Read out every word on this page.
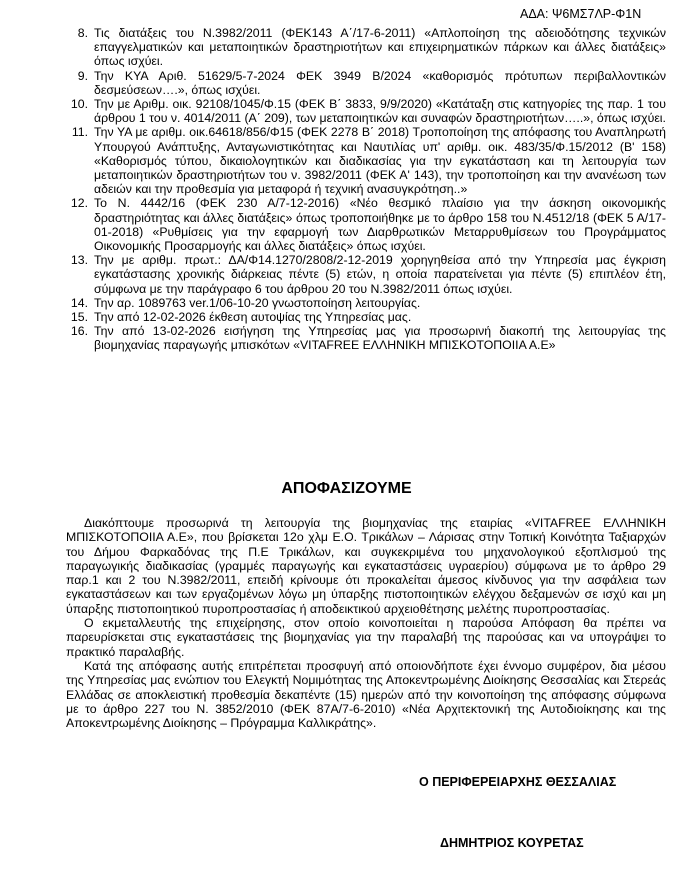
ΑΔΑ: Ψ6ΜΣ7ΛΡ-Φ1Ν
8. Τις διατάξεις του Ν.3982/2011 (ΦΕΚ143 Α΄/17-6-2011) «Απλοποίηση της αδειοδότησης τεχνικών επαγγελματικών και μεταποιητικών δραστηριοτήτων και επιχειρηματικών πάρκων και άλλες διατάξεις» όπως ισχύει.
9. Την ΚΥΑ Αριθ. 51629/5-7-2024 ΦΕΚ 3949 Β/2024 «καθορισμός πρότυπων περιβαλλοντικών δεσμεύσεων….», όπως ισχύει.
10. Την με Αριθμ. οικ. 92108/1045/Φ.15 (ΦΕΚ Β΄ 3833, 9/9/2020) «Κατάταξη στις κατηγορίες της παρ. 1 του άρθρου 1 του ν. 4014/2011 (Α΄ 209), των μεταποιητικών και συναφών δραστηριοτήτων…..», όπως ισχύει.
11. Την ΥΑ με αριθμ. οικ.64618/856/Φ15 (ΦΕΚ 2278 Β΄ 2018) Τροποποίηση της απόφασης του Αναπληρωτή Υπουργού Ανάπτυξης, Ανταγωνιστικότητας και Ναυτιλίας υπ' αριθμ. οικ. 483/35/Φ.15/2012 (Β' 158) «Καθορισμός τύπου, δικαιολογητικών και διαδικασίας για την εγκατάσταση και τη λειτουργία των μεταποιητικών δραστηριοτήτων του ν. 3982/2011 (ΦΕΚ Α' 143), την τροποποίηση και την ανανέωση των αδειών και την προθεσμία για μεταφορά ή τεχνική ανασυγκρότηση..»
12. Το Ν. 4442/16 (ΦΕΚ 230 Α/7-12-2016) «Νέο θεσμικό πλαίσιο για την άσκηση οικονομικής δραστηριότητας και άλλες διατάξεις» όπως τροποποιήθηκε με το άρθρο 158 του Ν.4512/18 (ΦΕΚ 5 Α/17-01-2018) «Ρυθμίσεις για την εφαρμογή των Διαρθρωτικών Μεταρρυθμίσεων του Προγράμματος Οικονομικής Προσαρμογής και άλλες διατάξεις» όπως ισχύει.
13. Την με αριθμ. πρωτ.: ΔΑ/Φ14.1270/2808/2-12-2019 χορηγηθείσα από την Υπηρεσία μας έγκριση εγκατάστασης χρονικής διάρκειας πέντε (5) ετών, η οποία παρατείνεται για πέντε (5) επιπλέον έτη, σύμφωνα με την παράγραφο 6 του άρθρου 20 του Ν.3982/2011 όπως ισχύει.
14. Την αρ. 1089763 ver.1/06-10-20 γνωστοποίηση λειτουργίας.
15. Την από 12-02-2026 έκθεση αυτοψίας της Υπηρεσίας μας.
16. Την από 13-02-2026 εισήγηση της Υπηρεσίας μας για προσωρινή διακοπή της λειτουργίας της βιομηχανίας παραγωγής μπισκότων «VITAFREE ΕΛΛΗΝΙΚΗ ΜΠΙΣΚΟΤΟΠΟΙΙΑ Α.Ε»
ΑΠΟΦΑΣΙΖΟΥΜΕ

Διακόπτουμε προσωρινά τη λειτουργία της βιομηχανίας της εταιρίας «VITAFREE ΕΛΛΗΝΙΚΗ ΜΠΙΣΚΟΤΟΠΟΙΙΑ Α.Ε», που βρίσκεται 12ο χλμ Ε.Ο. Τρικάλων – Λάρισας στην Τοπική Κοινότητα Ταξιαρχών του Δήμου Φαρκαδόνας της Π.Ε Τρικάλων, και συγκεκριμένα του μηχανολογικού εξοπλισμού της παραγωγικής διαδικασίας (γραμμές παραγωγής και εγκαταστάσεις υγραερίου) σύμφωνα με το άρθρο 29 παρ.1 και 2 του Ν.3982/2011, επειδή κρίνουμε ότι προκαλείται άμεσος κίνδυνος για την ασφάλεια των εγκαταστάσεων και των εργαζομένων λόγω μη ύπαρξης πιστοποιητικών ελέγχου δεξαμενών σε ισχύ και μη ύπαρξης πιστοποιητικού πυροπροστασίας ή αποδεικτικού αρχειοθέτησης μελέτης πυροπροστασίας.

Ο εκμεταλλευτής της επιχείρησης, στον οποίο κοινοποιείται η παρούσα Απόφαση θα πρέπει να παρευρίσκεται στις εγκαταστάσεις της βιομηχανίας για την παραλαβή της παρούσας και να υπογράψει το πρακτικό παραλαβής.

Κατά της απόφασης αυτής επιτρέπεται προσφυγή από οποιονδήποτε έχει έννομο συμφέρον, δια μέσου της Υπηρεσίας μας ενώπιον του Ελεγκτή Νομιμότητας της Αποκεντρωμένης Διοίκησης Θεσσαλίας και Στερεάς Ελλάδας σε αποκλειστική προθεσμία δεκαπέντε (15) ημερών από την κοινοποίηση της απόφασης σύμφωνα με το άρθρο 227 του Ν. 3852/2010 (ΦΕΚ 87Α/7-6-2010) «Νέα Αρχιτεκτονική της Αυτοδιοίκησης και της Αποκεντρωμένης Διοίκησης – Πρόγραμμα Καλλικράτης».

Ο ΠΕΡΙΦΕΡΕΙΑΡΧΗΣ ΘΕΣΣΑΛΙΑΣ
ΔΗΜΗΤΡΙΟΣ ΚΟΥΡΕΤΑΣ
